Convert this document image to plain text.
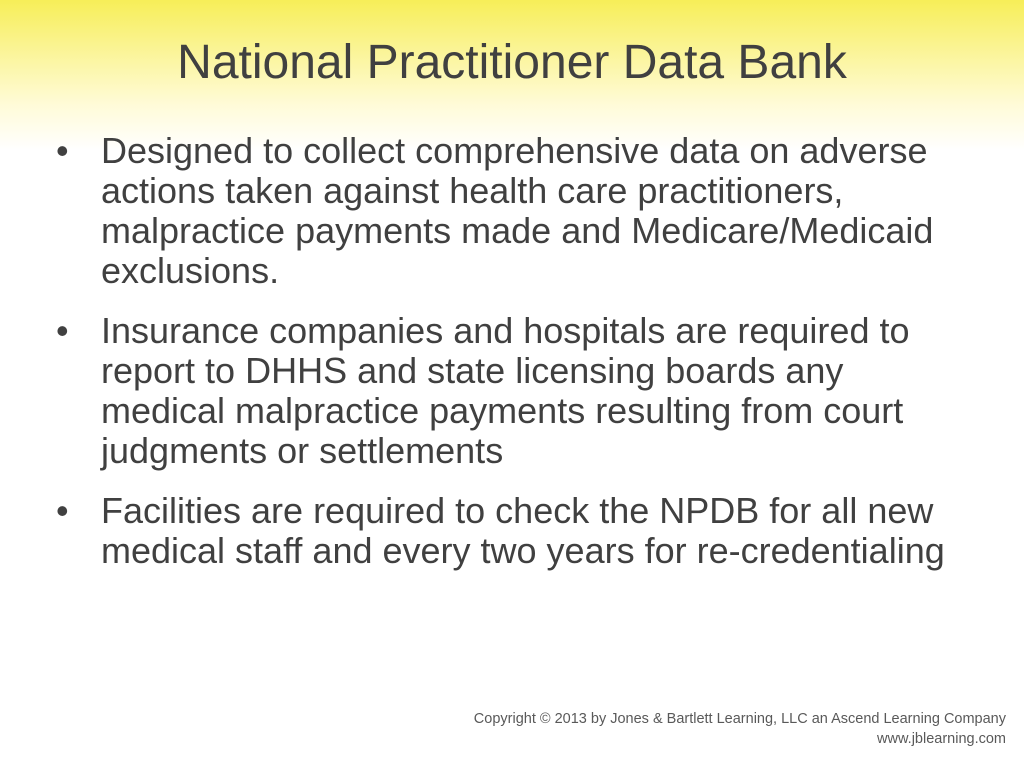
National Practitioner Data Bank
• Designed to collect comprehensive data on adverse actions taken against health care practitioners, malpractice payments made and Medicare/Medicaid exclusions.
• Insurance companies and hospitals are required to report to DHHS and state licensing boards any medical malpractice payments resulting from court judgments or settlements
• Facilities are required to check the NPDB for all new medical staff and every two years for re-credentialing
Copyright © 2013 by Jones & Bartlett Learning, LLC an Ascend Learning Company
www.jblearning.com
